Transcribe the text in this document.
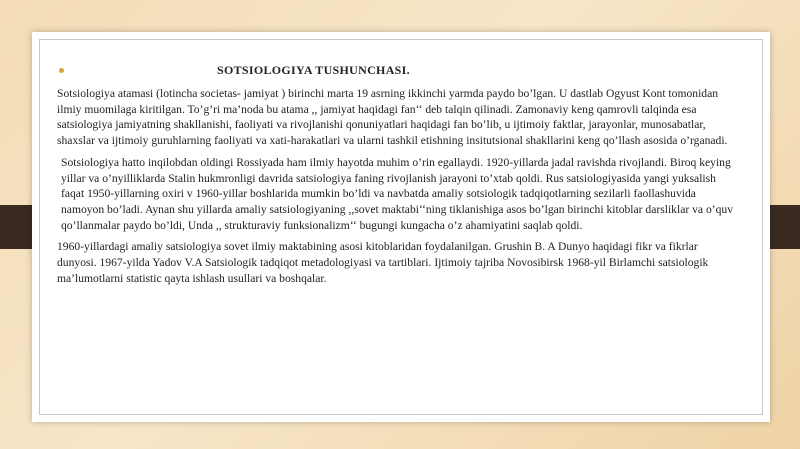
SOTSIOLOGIYA TUSHUNCHASI.

Sotsiologiya atamasi (lotincha societas- jamiyat ) birinchi marta 19 asrning ikkinchi yarmda paydo bo’lgan. U dastlab Ogyust Kont tomonidan ilmiy muomilaga kiritilgan. To’g’ri ma’noda bu atama ,, jamiyat haqidagi fan‘‘ deb talqin qilinadi. Zamonaviy keng qamrovli talqinda esa satsiologiya jamiyatning shakllanishi, faoliyati va rivojlanishi qonuniyatlari haqidagi fan bo’lib, u ijtimoiy faktlar, jarayonlar, munosabatlar, shaxslar va ijtimoiy guruhlarning faoliyati va xati-harakatlari va ularni tashkil etishning insitutsional shakllarini keng qo’llash asosida o’rganadi.

Sotsiologiya hatto inqilobdan oldingi Rossiyada ham ilmiy hayotda muhim o’rin egallaydi. 1920-yillarda jadal ravishda rivojlandi. Biroq keying yillar va o’nyilliklarda Stalin hukmronligi davrida satsiologiya faning rivojlanish jarayoni to’xtab qoldi. Rus satsiologiyasida yangi yuksalish faqat 1950-yillarning oxiri v 1960-yillar boshlarida mumkin bo’ldi va navbatda amaliy sotsiologik tadqiqotlarning sezilarli faollashuvida namoyon bo’ladi. Aynan shu yillarda amaliy satsiologiyaning ,,sovet maktabi‘‘ning tiklanishiga asos bo’lgan birinchi kitoblar darsliklar va o’quv qo’llanmalar paydo bo’ldi, Unda ,, strukturaviy funksionalizm‘‘ bugungi kungacha o’z ahamiyatini saqlab qoldi.

1960-yillardagi amaliy satsiologiya sovet ilmiy maktabining asosi kitoblaridan foydalanilgan. Grushin B. A Dunyo haqidagi fikr va fikrlar dunyosi. 1967-yilda Yadov V.A Satsiologik tadqiqot metadologiyasi va tartiblari. Ijtimoiy tajriba Novosibirsk 1968-yil Birlamchi satsiologik ma’lumotlarni statistic qayta ishlash usullari va boshqalar.
